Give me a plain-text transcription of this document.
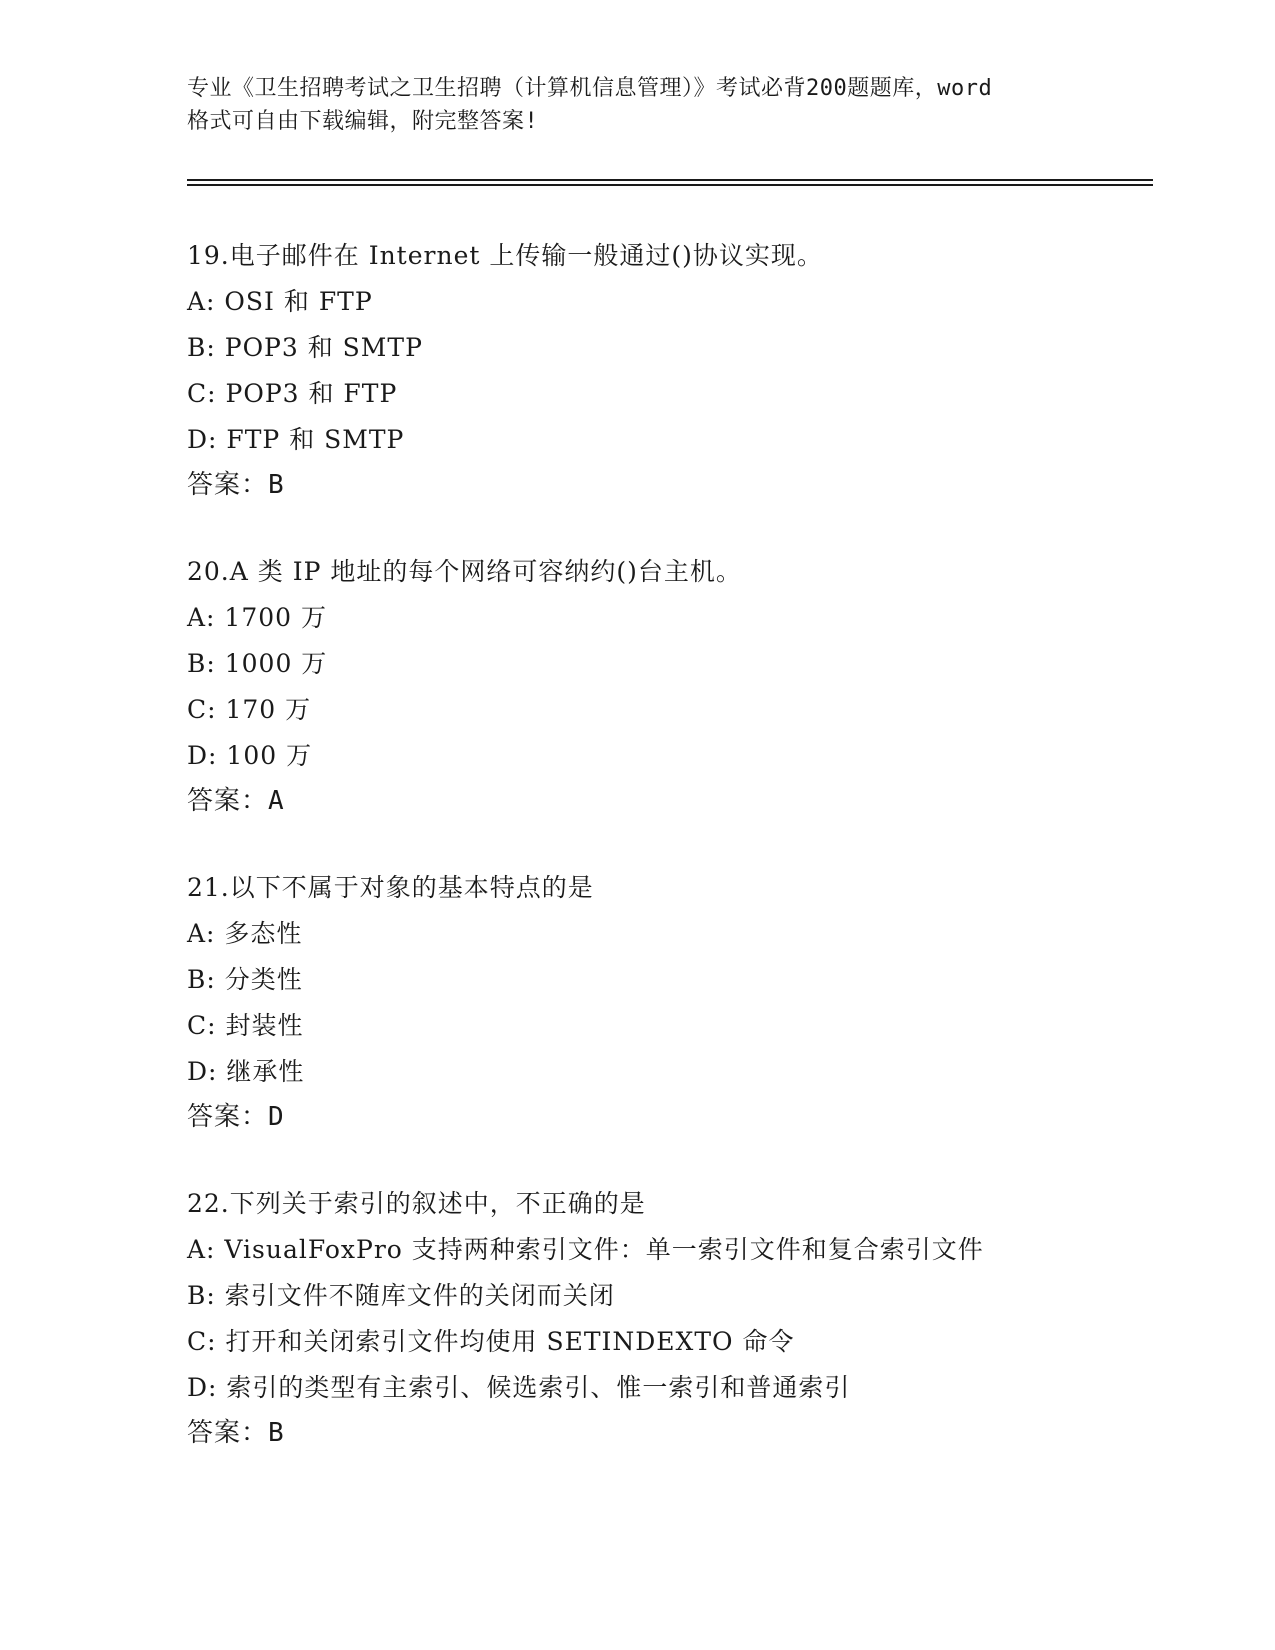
专业《卫生招聘考试之卫生招聘（计算机信息管理）》考试必背200题题库，word
格式可自由下载编辑，附完整答案!
19.电子邮件在 Internet 上传输一般通过()协议实现。
A: OSI 和 FTP
B: POP3 和 SMTP
C: POP3 和 FTP
D: FTP 和 SMTP
答案：B
20.A 类 IP 地址的每个网络可容纳约()台主机。
A: 1700 万
B: 1000 万
C: 170 万
D: 100 万
答案：A
21.以下不属于对象的基本特点的是
A: 多态性
B: 分类性
C: 封装性
D: 继承性
答案：D
22.下列关于索引的叙述中，不正确的是
A: VisualFoxPro 支持两种索引文件：单一索引文件和复合索引文件
B: 索引文件不随库文件的关闭而关闭
C: 打开和关闭索引文件均使用 SETINDEXTO 命令
D: 索引的类型有主索引、候选索引、惟一索引和普通索引
答案：B
